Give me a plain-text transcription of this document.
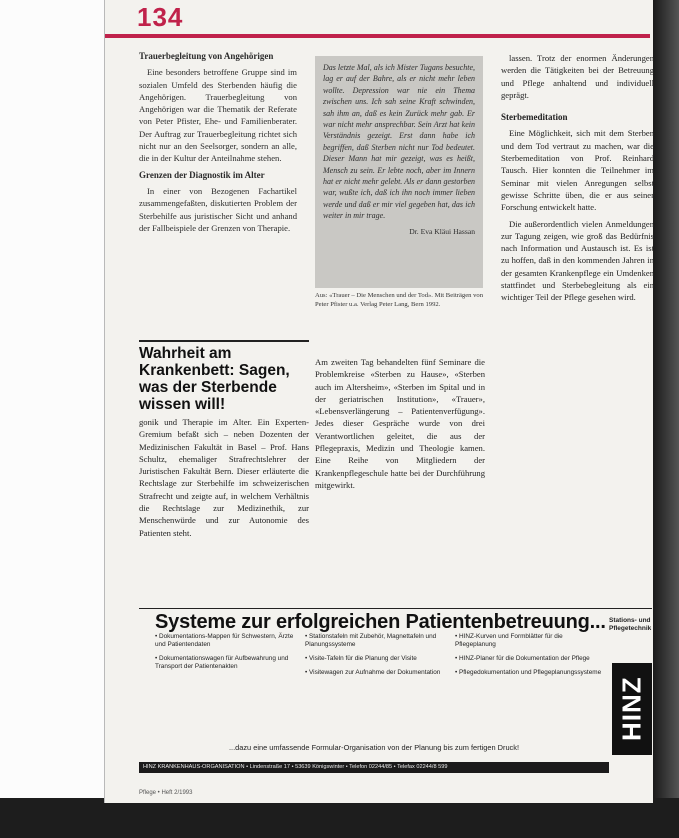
134
Trauerbegleitung von Angehörigen

Eine besonders betroffene Gruppe sind im sozialen Umfeld des Sterbenden häufig die Angehörigen. Trauerbegleitung von Angehörigen war die Thematik der Referate von Peter Pfister, Ehe- und Familienberater. Der Auftrag zur Trauerbegleitung richtet sich nicht nur an den Seelsorger, sondern an alle, die in der Kultur der Anteilnahme stehen.

Grenzen der Diagnostik im Alter

In einer von Bezogenen Fachartikel zusammengefaßten, diskutierten Problem der Sterbehilfe aus juristischer Sicht und anhand der Fallbeispiele der Grenzen von Therapie.

Das letzte Mal, als ich Mister Tugans besuchte, lag er auf der Bahre, als er nicht mehr leben wollte. Depression war nie ein Thema zwischen uns. Ich sah seine Kraft schwinden, sah ihm an, daß es kein Zurück mehr gab. Er war nicht mehr ansprechbar. Sein Arzt hat kein Verständnis gezeigt. Erst dann habe ich begriffen, daß Sterben nicht nur Tod bedeutet. Dieser Mann hat mir gezeigt, was es heißt, Mensch zu sein. Er lebte noch, aber im Innern hat er nicht mehr gelebt. Als er dann gestorben war, wußte ich, daß ich ihn noch immer lieben werde und daß er mir viel gegeben hat, das ich weiter in mir trage.
Dr. Eva Kläui Hassan
Aus: «Trauer – Die Menschen und der Tod». Mit Beiträgen von Peter Pfister u.a. Verlag Peter Lang, Bern 1992.
Wahrheit am Krankenbett: Sagen, was der Sterbende wissen will!
gonik und Therapie im Alter. Ein Experten-Gremium befaßt sich – neben Dozenten der Medizinischen Fakultät in Basel – Prof. Hans Schultz, ehemaliger Strafrechtslehrer der Juristischen Fakultät Bern. Dieser erläuterte die Rechtslage zur Sterbehilfe im schweizerischen Strafrecht und zeigte auf, in welchem Verhältnis die Rechtslage zur Medizinethik, zur Menschenwürde und zur Autonomie des Patienten steht.
Am zweiten Tag behandelten fünf Seminare die Problemkreise «Sterben zu Hause», «Sterben auch im Altersheim», «Sterben im Spital und in der geriatrischen Institution», «Trauer», «Lebensverlängerung – Patientenverfügung». Jedes dieser Gespräche wurde von drei Verantwortlichen geleitet, die aus der Pflegepraxis, Medizin und Theologie kamen. Eine Reihe von Mitgliedern der Krankenpflegeschule hatte bei der Durchführung mitgewirkt.

lassen. Trotz der enormen Änderungen werden die Tätigkeiten bei der Betreuung und Pflege anhaltend und individuell geprägt.

Sterbemeditation

Eine Möglichkeit, sich mit dem Sterben und dem Tod vertraut zu machen, war die Sterbemeditation von Prof. Reinhard Tausch. Hier konnten die Teilnehmer im Seminar mit vielen Anregungen selbst gewisse Schritte üben, die er aus seiner Forschung entwickelt hatte.

Die außerordentlich vielen Anmeldungen zur Tagung zeigen, wie groß das Bedürfnis nach Information und Austausch ist. Es ist zu hoffen, daß in den kommenden Jahren in der gesamten Krankenpflege ein Umdenken stattfindet und Sterbebegleitung als ein wichtiger Teil der Pflege gesehen wird.

Systeme zur erfolgreichen Patientenbetreuung... Stations- und Pflegetechnik
• Dokumentations-Mappen für Schwestern, Ärzte und Patientendaten
• Dokumentationswagen für Aufbewahrung und Transport der Patientenakten
• Stationstafeln mit Zubehör, Magnettafeln und Planungssysteme
• Visite-Tafeln für die Planung der Visite
• Visitewagen zur Aufnahme der Dokumentation
• HINZ-Kurven und Formblätter für die Pflegeplanung
• HINZ-Planer für die Dokumentation der Pflege
• Pflegedokumentation und Pflegeplanungssysteme
HINZ
...dazu eine umfassende Formular-Organisation von der Planung bis zum fertigen Druck!
HINZ KRANKENHAUS-ORGANISATION • Lindenstraße 17 • 53639 Königswinter • Telefon 02244/85 • Telefax 02244/8 599
Pflege • Heft 2/1993
